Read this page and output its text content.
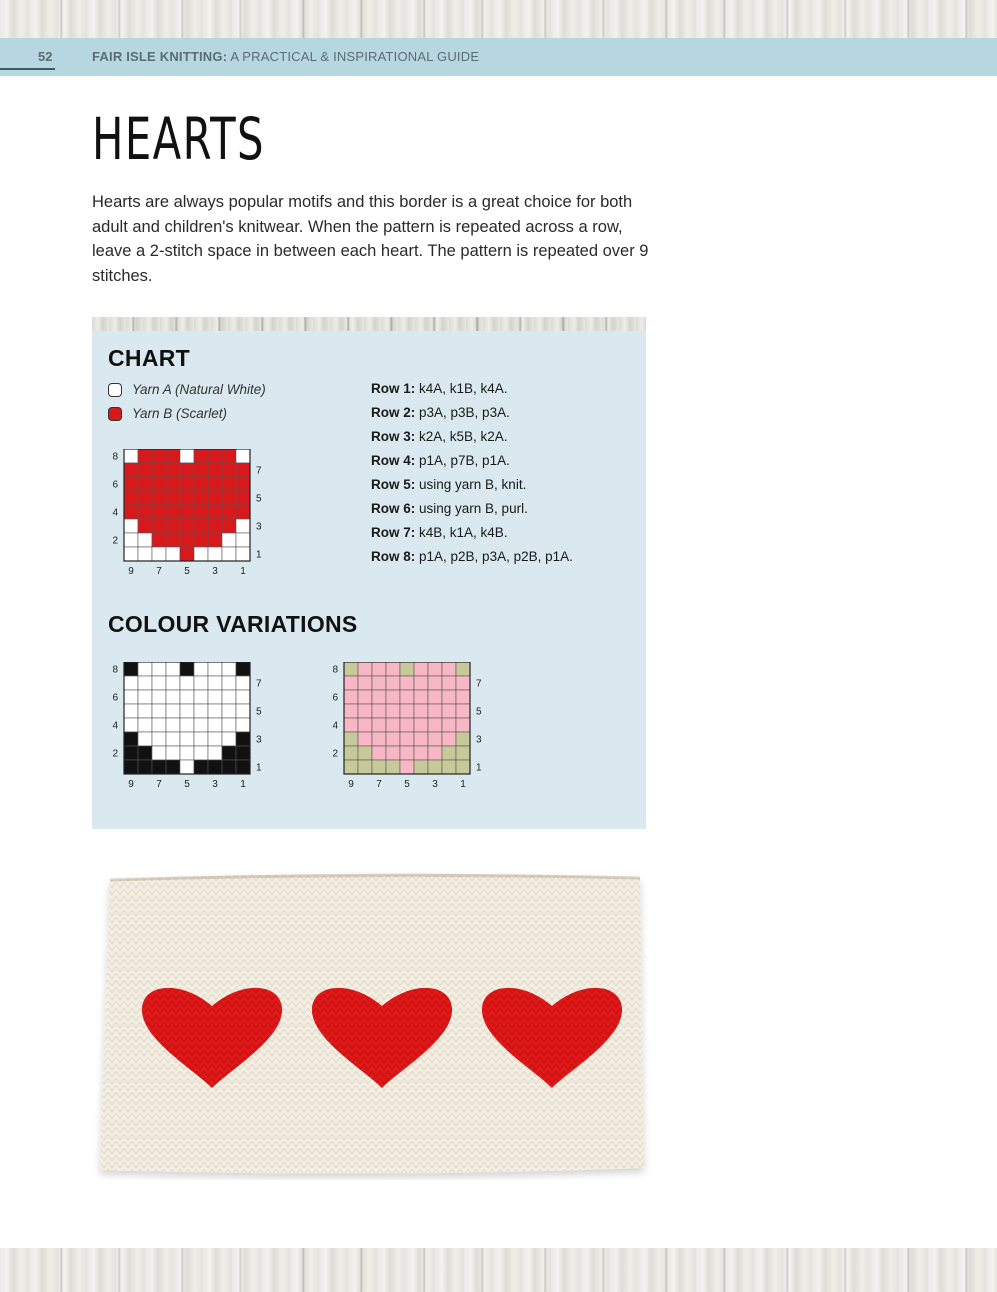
52	FAIR ISLE KNITTING: A PRACTICAL & INSPIRATIONAL GUIDE
HEARTS

Hearts are always popular motifs and this border is a great choice for both adult and children's knitwear. When the pattern is repeated across a row, leave a 2-stitch space in between each heart. The pattern is repeated over 9 stitches.

CHART
Yarn A (Natural White)
Yarn B (Scarlet)
8
6
4
2
7
5
3
1
9 7 5 3 1
Row 1: k4A, k1B, k4A.
Row 2: p3A, p3B, p3A.
Row 3: k2A, k5B, k2A.
Row 4: p1A, p7B, p1A.
Row 5: using yarn B, knit.
Row 6: using yarn B, purl.
Row 7: k4B, k1A, k4B.
Row 8: p1A, p2B, p3A, p2B, p1A.
COLOUR VARIATIONS
8
6
4
2
7
5
3
1
9 7 5 3 1
8
6
4
2
7
5
3
1
9 7 5 3 1
